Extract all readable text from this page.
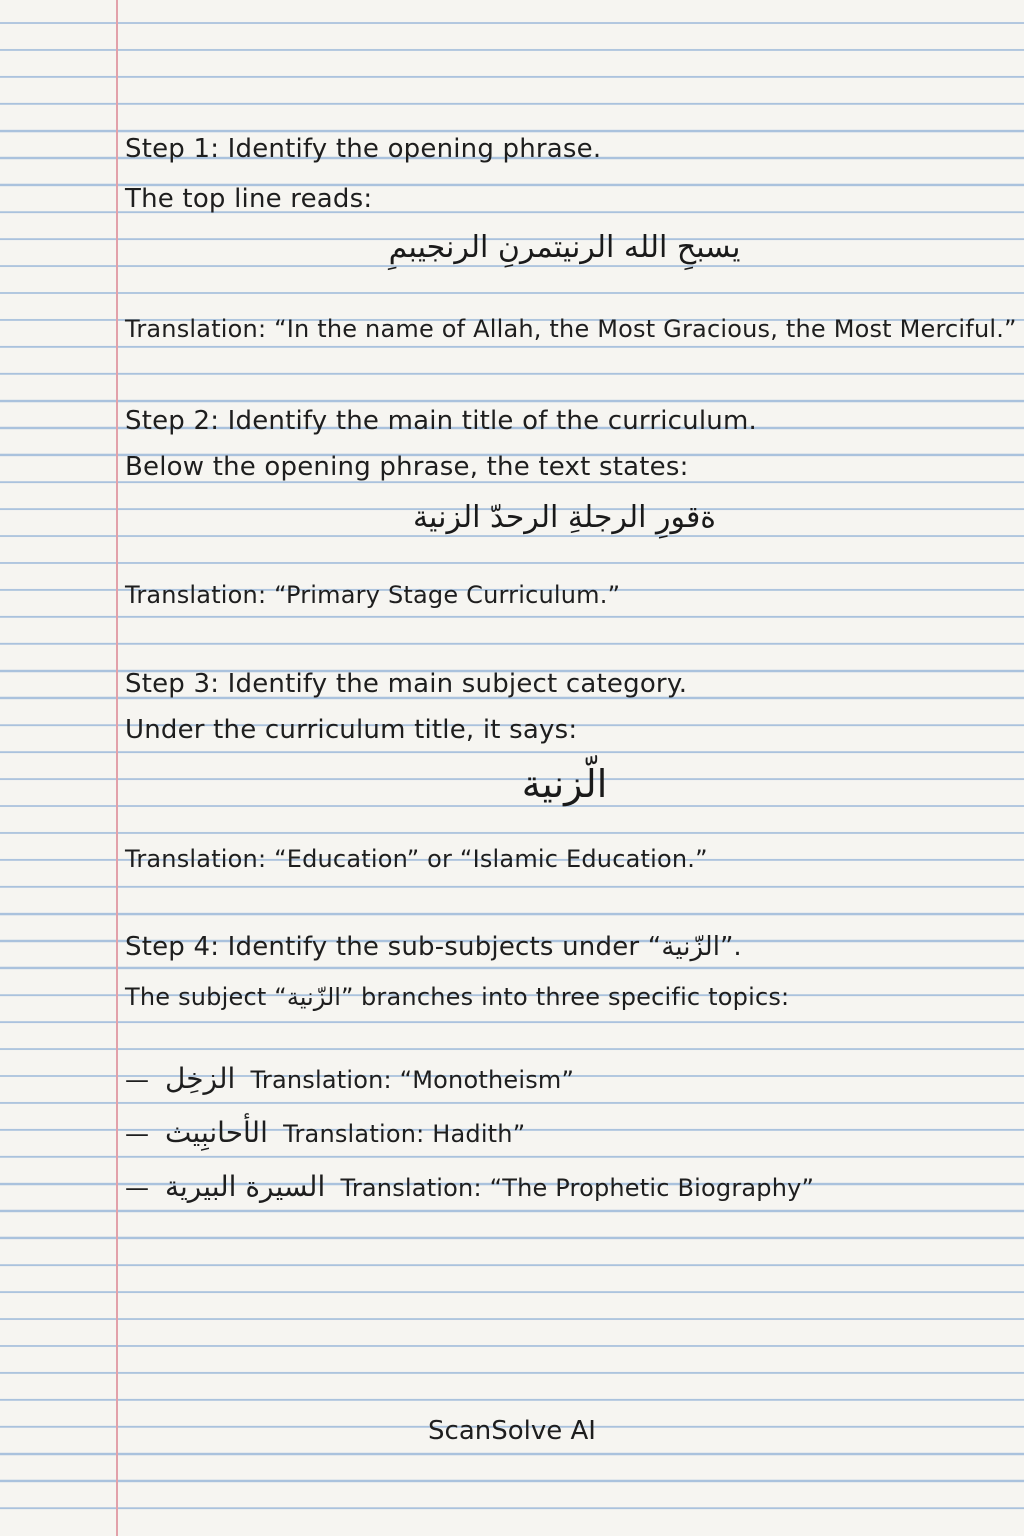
Step 1: Identify the opening phrase.
The top line reads:
يسبحِ الله الرنيتمرنِ الرنجيبمِ
Translation: “In the name of Allah, the Most Gracious, the Most Merciful.”
Step 2: Identify the main title of the curriculum.
Below the opening phrase, the text states:
ةقورِ الرجلةِ الرحدّ الزنية
Translation: “Primary Stage Curriculum.”
Step 3: Identify the main subject category.
Under the curriculum title, it says:
الّزنية
Translation: “Education” or “Islamic Education.”
Step 4: Identify the sub-subjects under “الزّنية”.
The subject “الزّنية” branches into three specific topics:
— الزخِل Translation: “Monotheism”
— الأحانبِيث Translation: Hadith”
— السيرة البيرية Translation: “The Prophetic Biography”
ScanSolve AI
